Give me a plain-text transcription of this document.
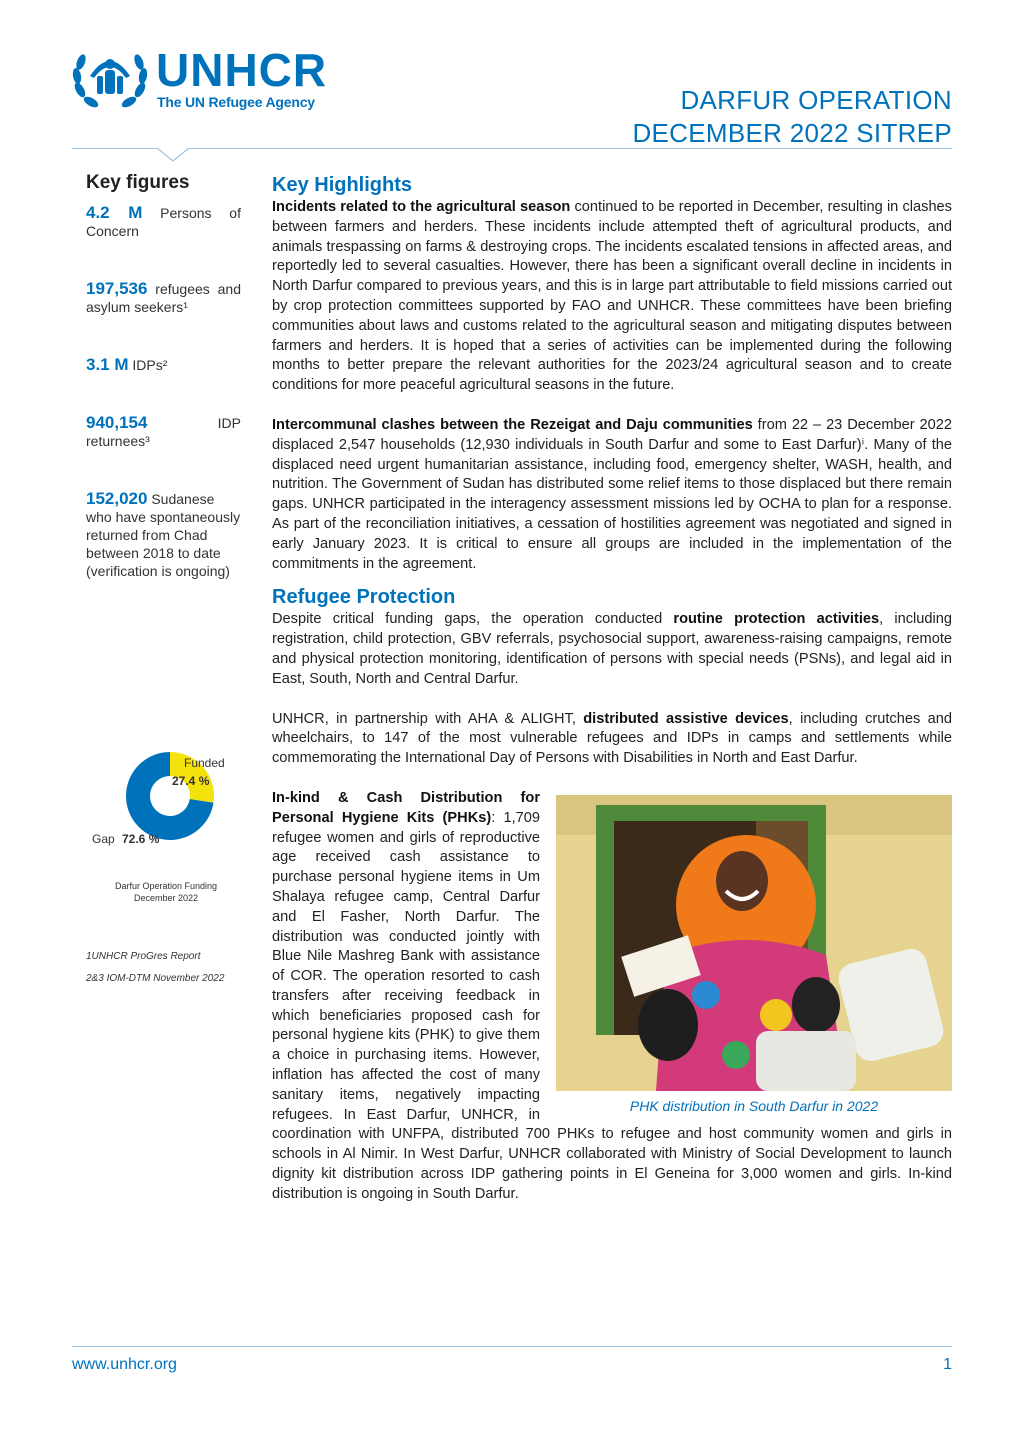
UNHCR
The UN Refugee Agency	DARFUR OPERATION
DECEMBER 2022 SITREP
Key figures
4.2 M Persons of Concern
197,536 refugees and asylum seekers¹
3.1 M IDPs²
940,154 IDP returnees³
152,020 Sudanese who have spontaneously returned from Chad between 2018 to date (verification is ongoing)
Funded
27.4 %
Gap 72.6 %
Darfur Operation Funding
December 2022

1UNHCR ProGres Report

2&3 IOM-DTM November 2022

Key Highlights

Incidents related to the agricultural season continued to be reported in December, resulting in clashes between farmers and herders. These incidents include attempted theft of agricultural products, and animals trespassing on farms & destroying crops. The incidents escalated tensions in affected areas, and reportedly led to several casualties. However, there has been a significant overall decline in incidents in North Darfur compared to previous years, and this is in large part attributable to field missions carried out by crop protection committees supported by FAO and UNHCR. These committees have been briefing communities about laws and customs related to the agricultural season and mitigating disputes between farmers and herders. It is hoped that a series of activities can be implemented during the following months to better prepare the relevant authorities for the 2023/24 agricultural season and to create conditions for more peaceful agricultural seasons in the future.

Intercommunal clashes between the Rezeigat and Daju communities from 22 – 23 December 2022 displaced 2,547 households (12,930 individuals in South Darfur and some to East Darfur)ⁱ. Many of the displaced need urgent humanitarian assistance, including food, emergency shelter, WASH, health, and nutrition. The Government of Sudan has distributed some relief items to those displaced but there remain gaps. UNHCR participated in the interagency assessment missions led by OCHA to plan for a response. As part of the reconciliation initiatives, a cessation of hostilities agreement was negotiated and signed in early January 2023. It is critical to ensure all groups are included in the implementation of the commitments in the agreement.

Refugee Protection

Despite critical funding gaps, the operation conducted routine protection activities, including registration, child protection, GBV referrals, psychosocial support, awareness-raising campaigns, remote and physical protection monitoring, identification of persons with special needs (PSNs), and legal aid in East, South, North and Central Darfur.

UNHCR, in partnership with AHA & ALIGHT, distributed assistive devices, including crutches and wheelchairs, to 147 of the most vulnerable refugees and IDPs in camps and settlements while commemorating the International Day of Persons with Disabilities in North and East Darfur.

PHK distribution in South Darfur in 2022
In-kind & Cash Distribution for Personal Hygiene Kits (PHKs): 1,709 refugee women and girls of reproductive age received cash assistance to purchase personal hygiene items in Um Shalaya refugee camp, Central Darfur and El Fasher, North Darfur. The distribution was conducted jointly with Blue Nile Mashreg Bank with assistance of COR. The operation resorted to cash transfers after receiving feedback in which beneficiaries proposed cash for personal hygiene kits (PHK) to give them a choice in purchasing items. However, inflation has affected the cost of many sanitary items, negatively impacting refugees. In East Darfur, UNHCR, in coordination with UNFPA, distributed 700 PHKs to refugee and host community women and girls in schools in Al Nimir. In West Darfur, UNHCR collaborated with Ministry of Social Development to launch dignity kit distribution across IDP gathering points in El Geneina for 3,000 women and girls. In-kind distribution is ongoing in South Darfur.
www.unhcr.org	1
